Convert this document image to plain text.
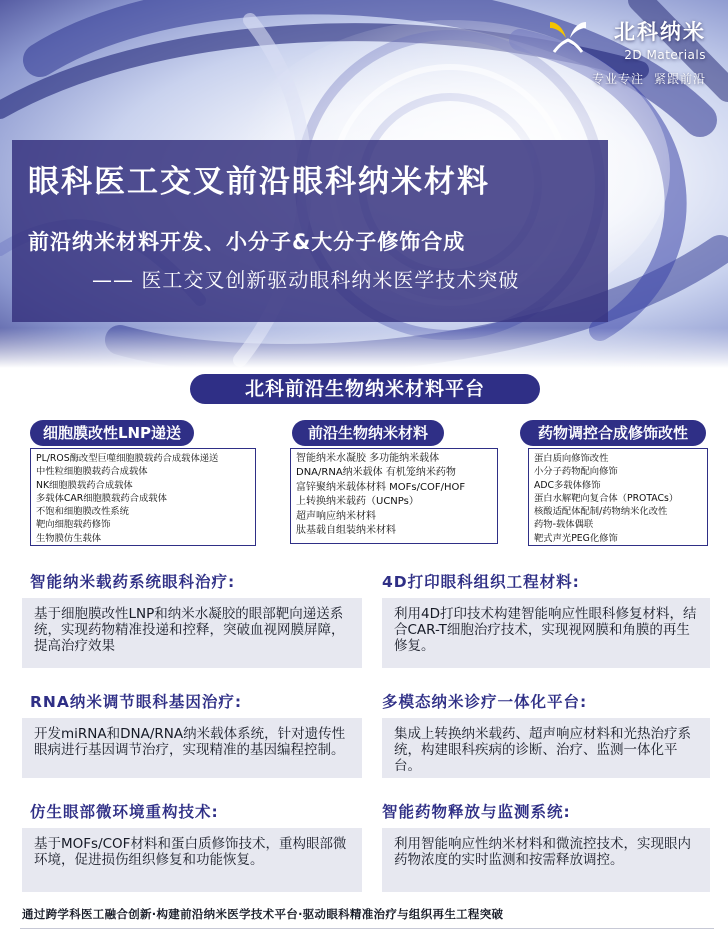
北科纳米
2D Materials
专业专注 紧跟前沿
眼科医工交叉前沿眼科纳米材料
前沿纳米材料开发、小分子&大分子修饰合成
—— 医工交叉创新驱动眼科纳米医学技术突破
北科前沿生物纳米材料平台
细胞膜改性LNP递送
PL/ROS酶改型巨噬细胞膜载药合成载体递送
中性粒细胞膜载药合成载体
NK细胞膜载药合成载体
多载体CAR细胞膜载药合成载体
不饱和细胞膜改性系统
靶向细胞载药修饰
生物膜仿生载体
前沿生物纳米材料
智能纳米水凝胶 多功能纳米载体
DNA/RNA纳米载体 有机笼纳米药物
富锌聚纳米载体材料 MOFs/COF/HOF
上转换纳米载药（UCNPs）
超声响应纳米材料
肽基载自组装纳米材料
药物调控合成修饰改性
蛋白质向修饰改性
小分子药物配向修饰
ADC多载体修饰
蛋白水解靶向复合体（PROTACs）
核酸适配体配制/药物纳米化改性
药物-载体偶联
靶式声光PEG化修饰
智能纳米载药系统眼科治疗:
基于细胞膜改性LNP和纳米水凝胶的眼部靶向递送系统，实现药物精准投递和控释，突破血视网膜屏障，提高治疗效果
4D打印眼科组织工程材料:
利用4D打印技术构建智能响应性眼科修复材料，结合CAR-T细胞治疗技术，实现视网膜和角膜的再生修复。
RNA纳米调节眼科基因治疗:
开发miRNA和DNA/RNA纳米载体系统，针对遗传性眼病进行基因调节治疗，实现精准的基因编程控制。
多模态纳米诊疗一体化平台:
集成上转换纳米载药、超声响应材料和光热治疗系统，构建眼科疾病的诊断、治疗、监测一体化平台。
仿生眼部微环境重构技术:
基于MOFs/COF材料和蛋白质修饰技术，重构眼部微环境，促进损伤组织修复和功能恢复。
智能药物释放与监测系统:
利用智能响应性纳米材料和微流控技术，实现眼内药物浓度的实时监测和按需释放调控。
通过跨学科医工融合创新·构建前沿纳米医学技术平台·驱动眼科精准治疗与组织再生工程突破
